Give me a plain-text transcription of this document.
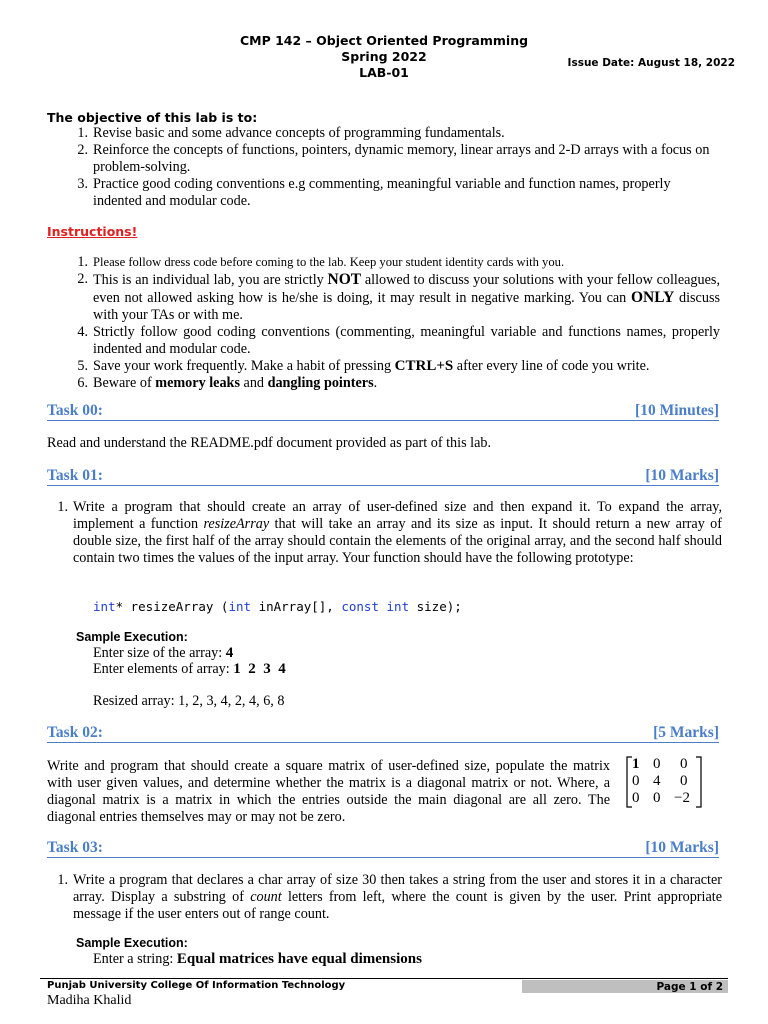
CMP 142 – Object Oriented Programming
Spring 2022
LAB-01
Issue Date: August 18, 2022
The objective of this lab is to:
1. Revise basic and some advance concepts of programming fundamentals.
2. Reinforce the concepts of functions, pointers, dynamic memory, linear arrays and 2-D arrays with a focus on problem-solving.
3. Practice good coding conventions e.g commenting, meaningful variable and function names, properly indented and modular code.
Instructions!
1. Please follow dress code before coming to the lab. Keep your student identity cards with you.
2. This is an individual lab, you are strictly NOT allowed to discuss your solutions with your fellow colleagues, even not allowed asking how is he/she is doing, it may result in negative marking. You can ONLY discuss with your TAs or with me.
4. Strictly follow good coding conventions (commenting, meaningful variable and functions names, properly indented and modular code.
5. Save your work frequently. Make a habit of pressing CTRL+S after every line of code you write.
6. Beware of memory leaks and dangling pointers.
Task 00:	[10 Minutes]
Read and understand the README.pdf document provided as part of this lab.
Task 01:	[10 Marks]
1. Write a program that should create an array of user-defined size and then expand it. To expand the array, implement a function resizeArray that will take an array and its size as input. It should return a new array of double size, the first half of the array should contain the elements of the original array, and the second half should contain two times the values of the input array. Your function should have the following prototype:
int* resizeArray (int inArray[], const int size);
Sample Execution:
Enter size of the array: 4
Enter elements of array: 1  2  3  4
Resized array: 1, 2, 3, 4, 2, 4, 6, 8
Task 02:	[5 Marks]
Write and program that should create a square matrix of user-defined size, populate the matrix with user given values, and determine whether the matrix is a diagonal matrix or not. Where, a diagonal matrix is a matrix in which the entries outside the main diagonal are all zero. The diagonal entries themselves may or may not be zero.
1 0 0
0 4 0
0 0 −2
Task 03:	[10 Marks]
1. Write a program that declares a char array of size 30 then takes a string from the user and stores it in a character array. Display a substring of count letters from left, where the count is given by the user. Print appropriate message if the user enters out of range count.
Sample Execution:
Enter a string: Equal matrices have equal dimensions
Punjab University College Of Information Technology	Page 1 of 2
Madiha Khalid
